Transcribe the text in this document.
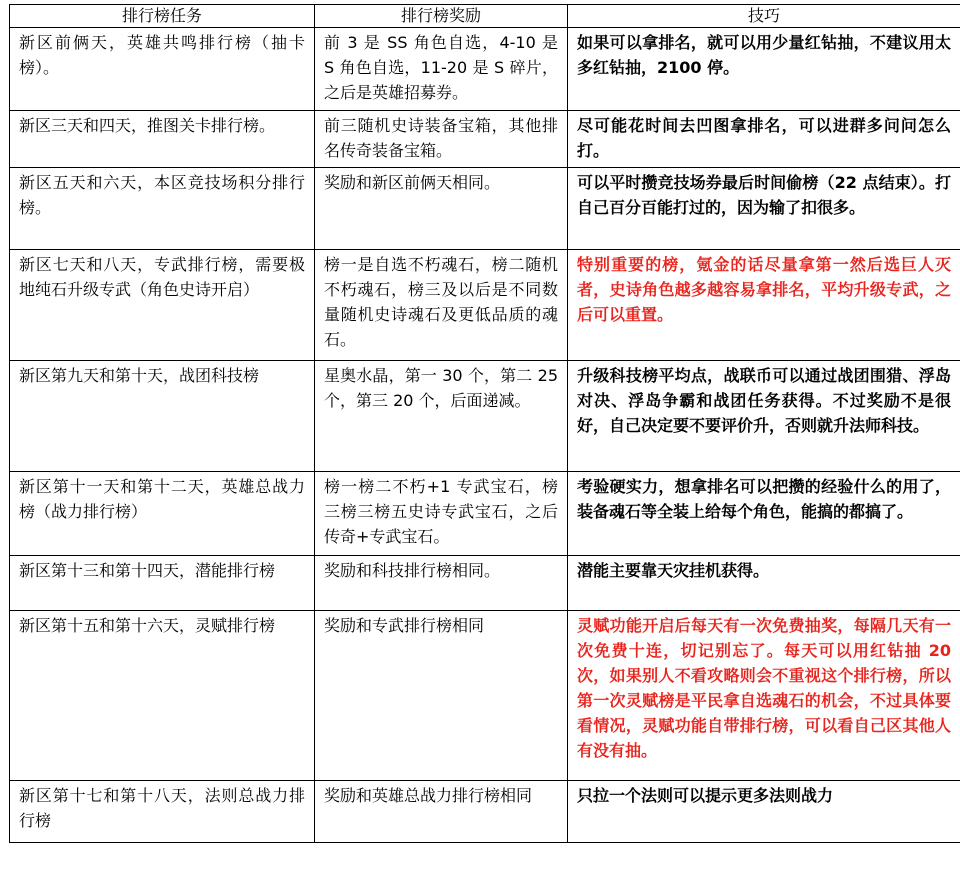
排行榜任务	排行榜奖励	技巧
新区前俩天，英雄共鸣排行榜（抽卡榜）。	前 3 是 SS 角色自选，4-10 是 S 角色自选，11-20 是 S 碎片，之后是英雄招募券。	如果可以拿排名，就可以用少量红钻抽，不建议用太多红钻抽，2100 停。
新区三天和四天，推图关卡排行榜。	前三随机史诗装备宝箱，其他排名传奇装备宝箱。	尽可能花时间去凹图拿排名，可以进群多问问怎么打。
新区五天和六天，本区竞技场积分排行榜。	奖励和新区前俩天相同。	可以平时攒竞技场券最后时间偷榜（22 点结束）。打自己百分百能打过的，因为输了扣很多。
新区七天和八天，专武排行榜，需要极地纯石升级专武（角色史诗开启）	榜一是自选不朽魂石，榜二随机不朽魂石，榜三及以后是不同数量随机史诗魂石及更低品质的魂石。	特别重要的榜，氪金的话尽量拿第一然后选巨人灭者，史诗角色越多越容易拿排名，平均升级专武，之后可以重置。
新区第九天和第十天，战团科技榜	星奥水晶，第一 30 个，第二 25 个，第三 20 个，后面递减。	升级科技榜平均点，战联币可以通过战团围猎、浮岛对决、浮岛争霸和战团任务获得。不过奖励不是很好，自己决定要不要评价升，否则就升法师科技。
新区第十一天和第十二天，英雄总战力榜（战力排行榜）	榜一榜二不朽+1 专武宝石，榜三榜三榜五史诗专武宝石，之后传奇+专武宝石。	考验硬实力，想拿排名可以把攒的经验什么的用了，装备魂石等全装上给每个角色，能搞的都搞了。
新区第十三和第十四天，潜能排行榜	奖励和科技排行榜相同。	潜能主要靠天灾挂机获得。
新区第十五和第十六天，灵赋排行榜	奖励和专武排行榜相同	灵赋功能开启后每天有一次免费抽奖，每隔几天有一次免费十连，切记别忘了。每天可以用红钻抽 20 次，如果别人不看攻略则会不重视这个排行榜，所以第一次灵赋榜是平民拿自选魂石的机会，不过具体要看情况，灵赋功能自带排行榜，可以看自己区其他人有没有抽。
新区第十七和第十八天，法则总战力排行榜	奖励和英雄总战力排行榜相同	只拉一个法则可以提示更多法则战力
